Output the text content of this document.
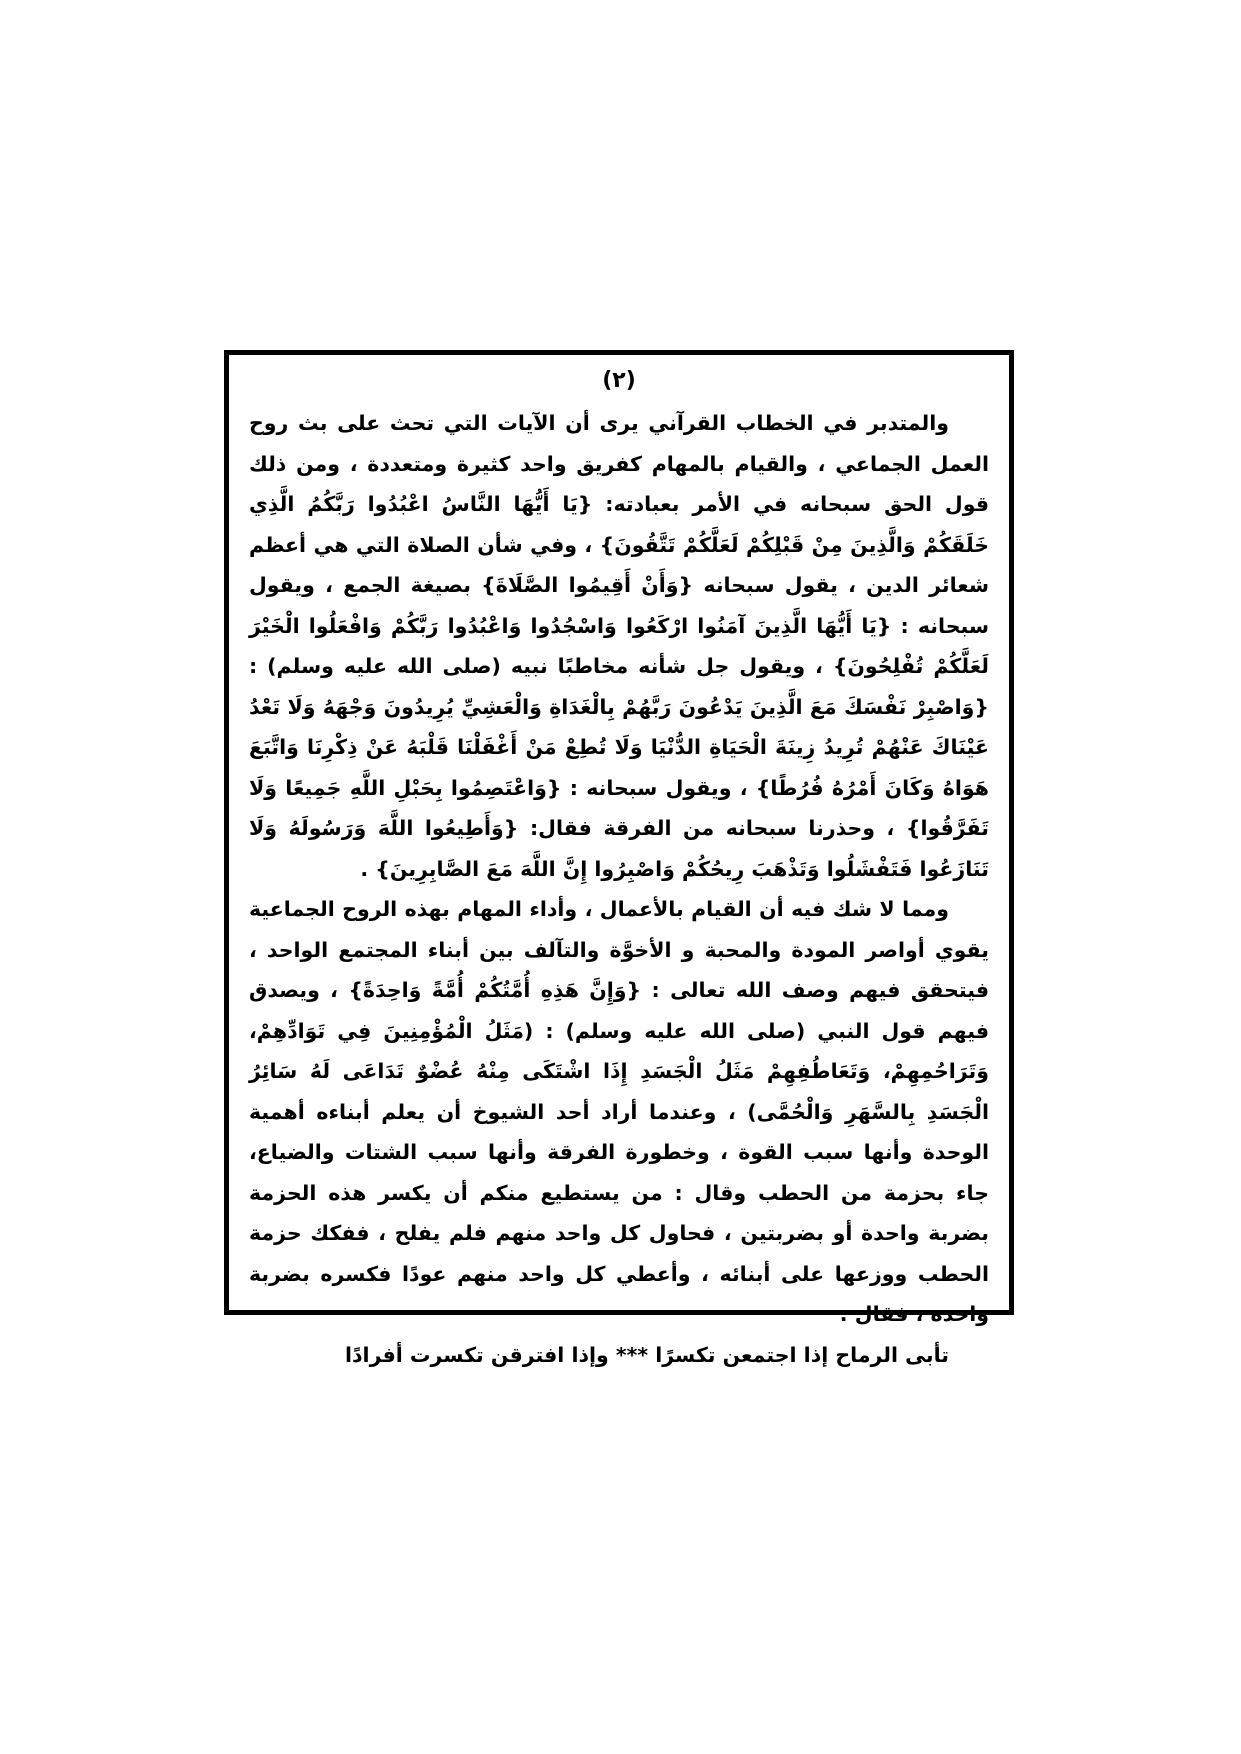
(٢)

والمتدبر في الخطاب القرآني يرى أن الآيات التي تحث على بث روح العمل الجماعي ، والقيام بالمهام كفريق واحد كثيرة ومتعددة ، ومن ذلك قول الحق سبحانه في الأمر بعبادته: {يَا أَيُّهَا النَّاسُ اعْبُدُوا رَبَّكُمُ الَّذِي خَلَقَكُمْ وَالَّذِينَ مِنْ قَبْلِكُمْ لَعَلَّكُمْ تَتَّقُونَ} ، وفي شأن الصلاة التي هي أعظم شعائر الدين ، يقول سبحانه {وَأَنْ أَقِيمُوا الصَّلَاةَ} بصيغة الجمع ، ويقول سبحانه : {يَا أَيُّهَا الَّذِينَ آمَنُوا ارْكَعُوا وَاسْجُدُوا وَاعْبُدُوا رَبَّكُمْ وَافْعَلُوا الْخَيْرَ لَعَلَّكُمْ تُفْلِحُونَ} ، ويقول جل شأنه مخاطبًا نبيه (صلى الله عليه وسلم) : {وَاصْبِرْ نَفْسَكَ مَعَ الَّذِينَ يَدْعُونَ رَبَّهُمْ بِالْغَدَاةِ وَالْعَشِيِّ يُرِيدُونَ وَجْهَهُ وَلَا تَعْدُ عَيْنَاكَ عَنْهُمْ تُرِيدُ زِينَةَ الْحَيَاةِ الدُّنْيَا وَلَا تُطِعْ مَنْ أَغْفَلْنَا قَلْبَهُ عَنْ ذِكْرِنَا وَاتَّبَعَ هَوَاهُ وَكَانَ أَمْرُهُ فُرُطًا} ، ويقول سبحانه : {وَاعْتَصِمُوا بِحَبْلِ اللَّهِ جَمِيعًا وَلَا تَفَرَّقُوا} ، وحذرنا سبحانه من الفرقة فقال: {وَأَطِيعُوا اللَّهَ وَرَسُولَهُ وَلَا تَنَازَعُوا فَتَفْشَلُوا وَتَذْهَبَ رِيحُكُمْ وَاصْبِرُوا إِنَّ اللَّهَ مَعَ الصَّابِرِينَ} .

ومما لا شك فيه أن القيام بالأعمال ، وأداء المهام بهذه الروح الجماعية يقوي أواصر المودة والمحبة و الأخوَّة والتآلف بين أبناء المجتمع الواحد ، فيتحقق فيهم وصف الله تعالى : {وَإِنَّ هَذِهِ أُمَّتُكُمْ أُمَّةً وَاحِدَةً} ، ويصدق فيهم قول النبي (صلى الله عليه وسلم) : (مَثَلُ الْمُؤْمِنِينَ فِي تَوَادِّهِمْ، وَتَرَاحُمِهِمْ، وَتَعَاطُفِهِمْ مَثَلُ الْجَسَدِ إِذَا اشْتَكَى مِنْهُ عُضْوٌ تَدَاعَى لَهُ سَائِرُ الْجَسَدِ بِالسَّهَرِ وَالْحُمَّى) ، وعندما أراد أحد الشيوخ أن يعلم أبناءه أهمية الوحدة وأنها سبب القوة ، وخطورة الفرقة وأنها سبب الشتات والضياع، جاء بحزمة من الحطب وقال : من يستطيع منكم أن يكسر هذه الحزمة بضربة واحدة أو بضربتين ، فحاول كل واحد منهم فلم يفلح ، ففكك حزمة الحطب ووزعها على أبنائه ، وأعطي كل واحد منهم عودًا فكسره بضربة واحدة ، فقال :

تأبى الرماح إذا اجتمعن تكسرًا *** وإذا افترقن تكسرت أفرادًا
